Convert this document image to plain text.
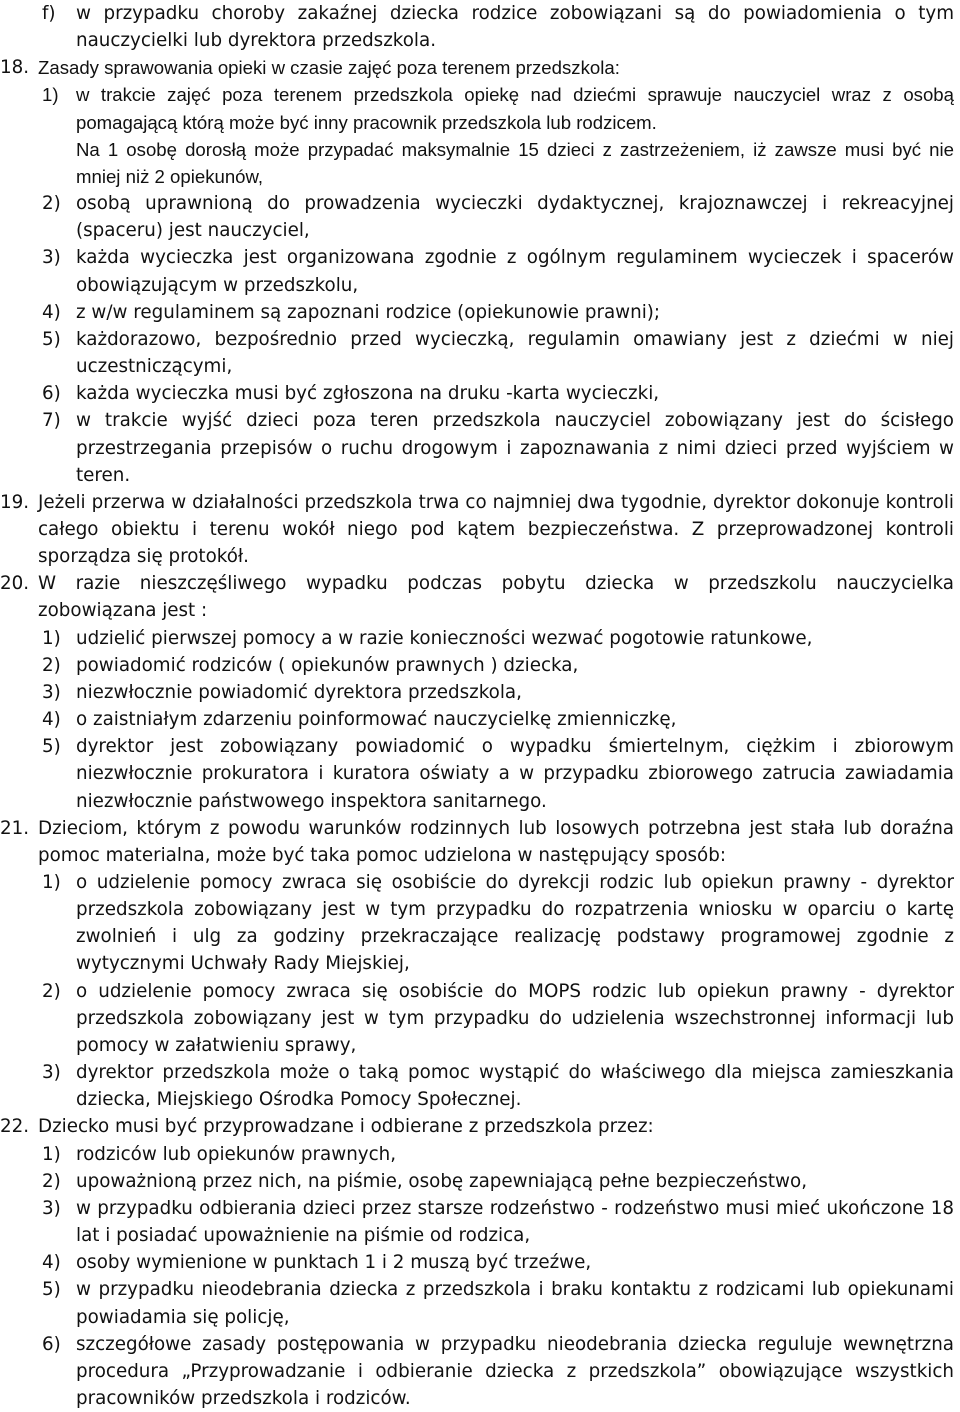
f)	w przypadku choroby zakaźnej dziecka rodzice zobowiązani są do powiadomienia o tym nauczycielki lub dyrektora przedszkola.
18. Zasady sprawowania opieki w czasie zajęć poza terenem przedszkola:
1) w trakcie zajęć poza terenem przedszkola opiekę nad dziećmi sprawuje nauczyciel wraz z osobą pomagającą którą może być inny pracownik przedszkola lub rodzicem.
Na 1 osobę dorosłą może przypadać maksymalnie 15 dzieci z zastrzeżeniem, iż zawsze musi być nie mniej niż 2 opiekunów,
2) osobą uprawnioną do prowadzenia wycieczki dydaktycznej, krajoznawczej i rekreacyjnej (spaceru) jest nauczyciel,
3) każda wycieczka jest organizowana zgodnie z ogólnym regulaminem wycieczek i spacerów obowiązującym w przedszkolu,
4) z w/w regulaminem są zapoznani rodzice (opiekunowie prawni);
5) każdorazowo, bezpośrednio przed wycieczką, regulamin omawiany jest z dziećmi w niej uczestniczącymi,
6) każda wycieczka musi być zgłoszona na druku -karta wycieczki,
7) w trakcie wyjść dzieci poza teren przedszkola nauczyciel zobowiązany jest do ścisłego przestrzegania przepisów o ruchu drogowym i zapoznawania z nimi dzieci przed wyjściem w teren.
19. Jeżeli przerwa w działalności przedszkola trwa co najmniej dwa tygodnie, dyrektor dokonuje kontroli całego obiektu i terenu wokół niego pod kątem bezpieczeństwa. Z przeprowadzonej kontroli sporządza się protokół.
20. W razie nieszczęśliwego wypadku podczas pobytu dziecka w przedszkolu nauczycielka zobowiązana jest :
1) udzielić pierwszej pomocy a w razie konieczności wezwać pogotowie ratunkowe,
2) powiadomić rodziców ( opiekunów prawnych ) dziecka,
3) niezwłocznie powiadomić dyrektora przedszkola,
4) o zaistniałym zdarzeniu poinformować nauczycielkę zmienniczkę,
5) dyrektor jest zobowiązany powiadomić o wypadku śmiertelnym, ciężkim i zbiorowym niezwłocznie prokuratora i kuratora oświaty a w przypadku zbiorowego zatrucia zawiadamia niezwłocznie państwowego inspektora sanitarnego.
21. Dzieciom, którym z powodu warunków rodzinnych lub losowych potrzebna jest stała lub doraźna pomoc materialna, może być taka pomoc udzielona w następujący sposób:
1) o udzielenie pomocy zwraca się osobiście do dyrekcji rodzic lub opiekun prawny - dyrektor przedszkola zobowiązany jest w tym przypadku do rozpatrzenia wniosku w oparciu o kartę zwolnień i ulg za godziny przekraczające realizację podstawy programowej zgodnie z wytycznymi Uchwały Rady Miejskiej,
2) o udzielenie pomocy zwraca się osobiście do MOPS rodzic lub opiekun prawny - dyrektor przedszkola zobowiązany jest w tym przypadku do udzielenia wszechstronnej informacji lub pomocy w załatwieniu sprawy,
3) dyrektor przedszkola może o taką pomoc wystąpić do właściwego dla miejsca zamieszkania dziecka, Miejskiego Ośrodka Pomocy Społecznej.
22. Dziecko musi być przyprowadzane i odbierane z przedszkola przez:
1) rodziców lub opiekunów prawnych,
2) upoważnioną przez nich, na piśmie, osobę zapewniającą pełne bezpieczeństwo,
3) w przypadku odbierania dzieci przez starsze rodzeństwo - rodzeństwo musi mieć ukończone 18 lat i posiadać upoważnienie na piśmie od rodzica,
4) osoby wymienione w punktach 1 i 2 muszą być trzeźwe,
5) w przypadku nieodebrania dziecka z przedszkola i braku kontaktu z rodzicami lub opiekunami powiadamia się policję,
6) szczegółowe zasady postępowania w przypadku nieodebrania dziecka reguluje wewnętrzna procedura „Przyprowadzanie i odbieranie dziecka z przedszkola” obowiązujące wszystkich pracowników przedszkola i rodziców.
